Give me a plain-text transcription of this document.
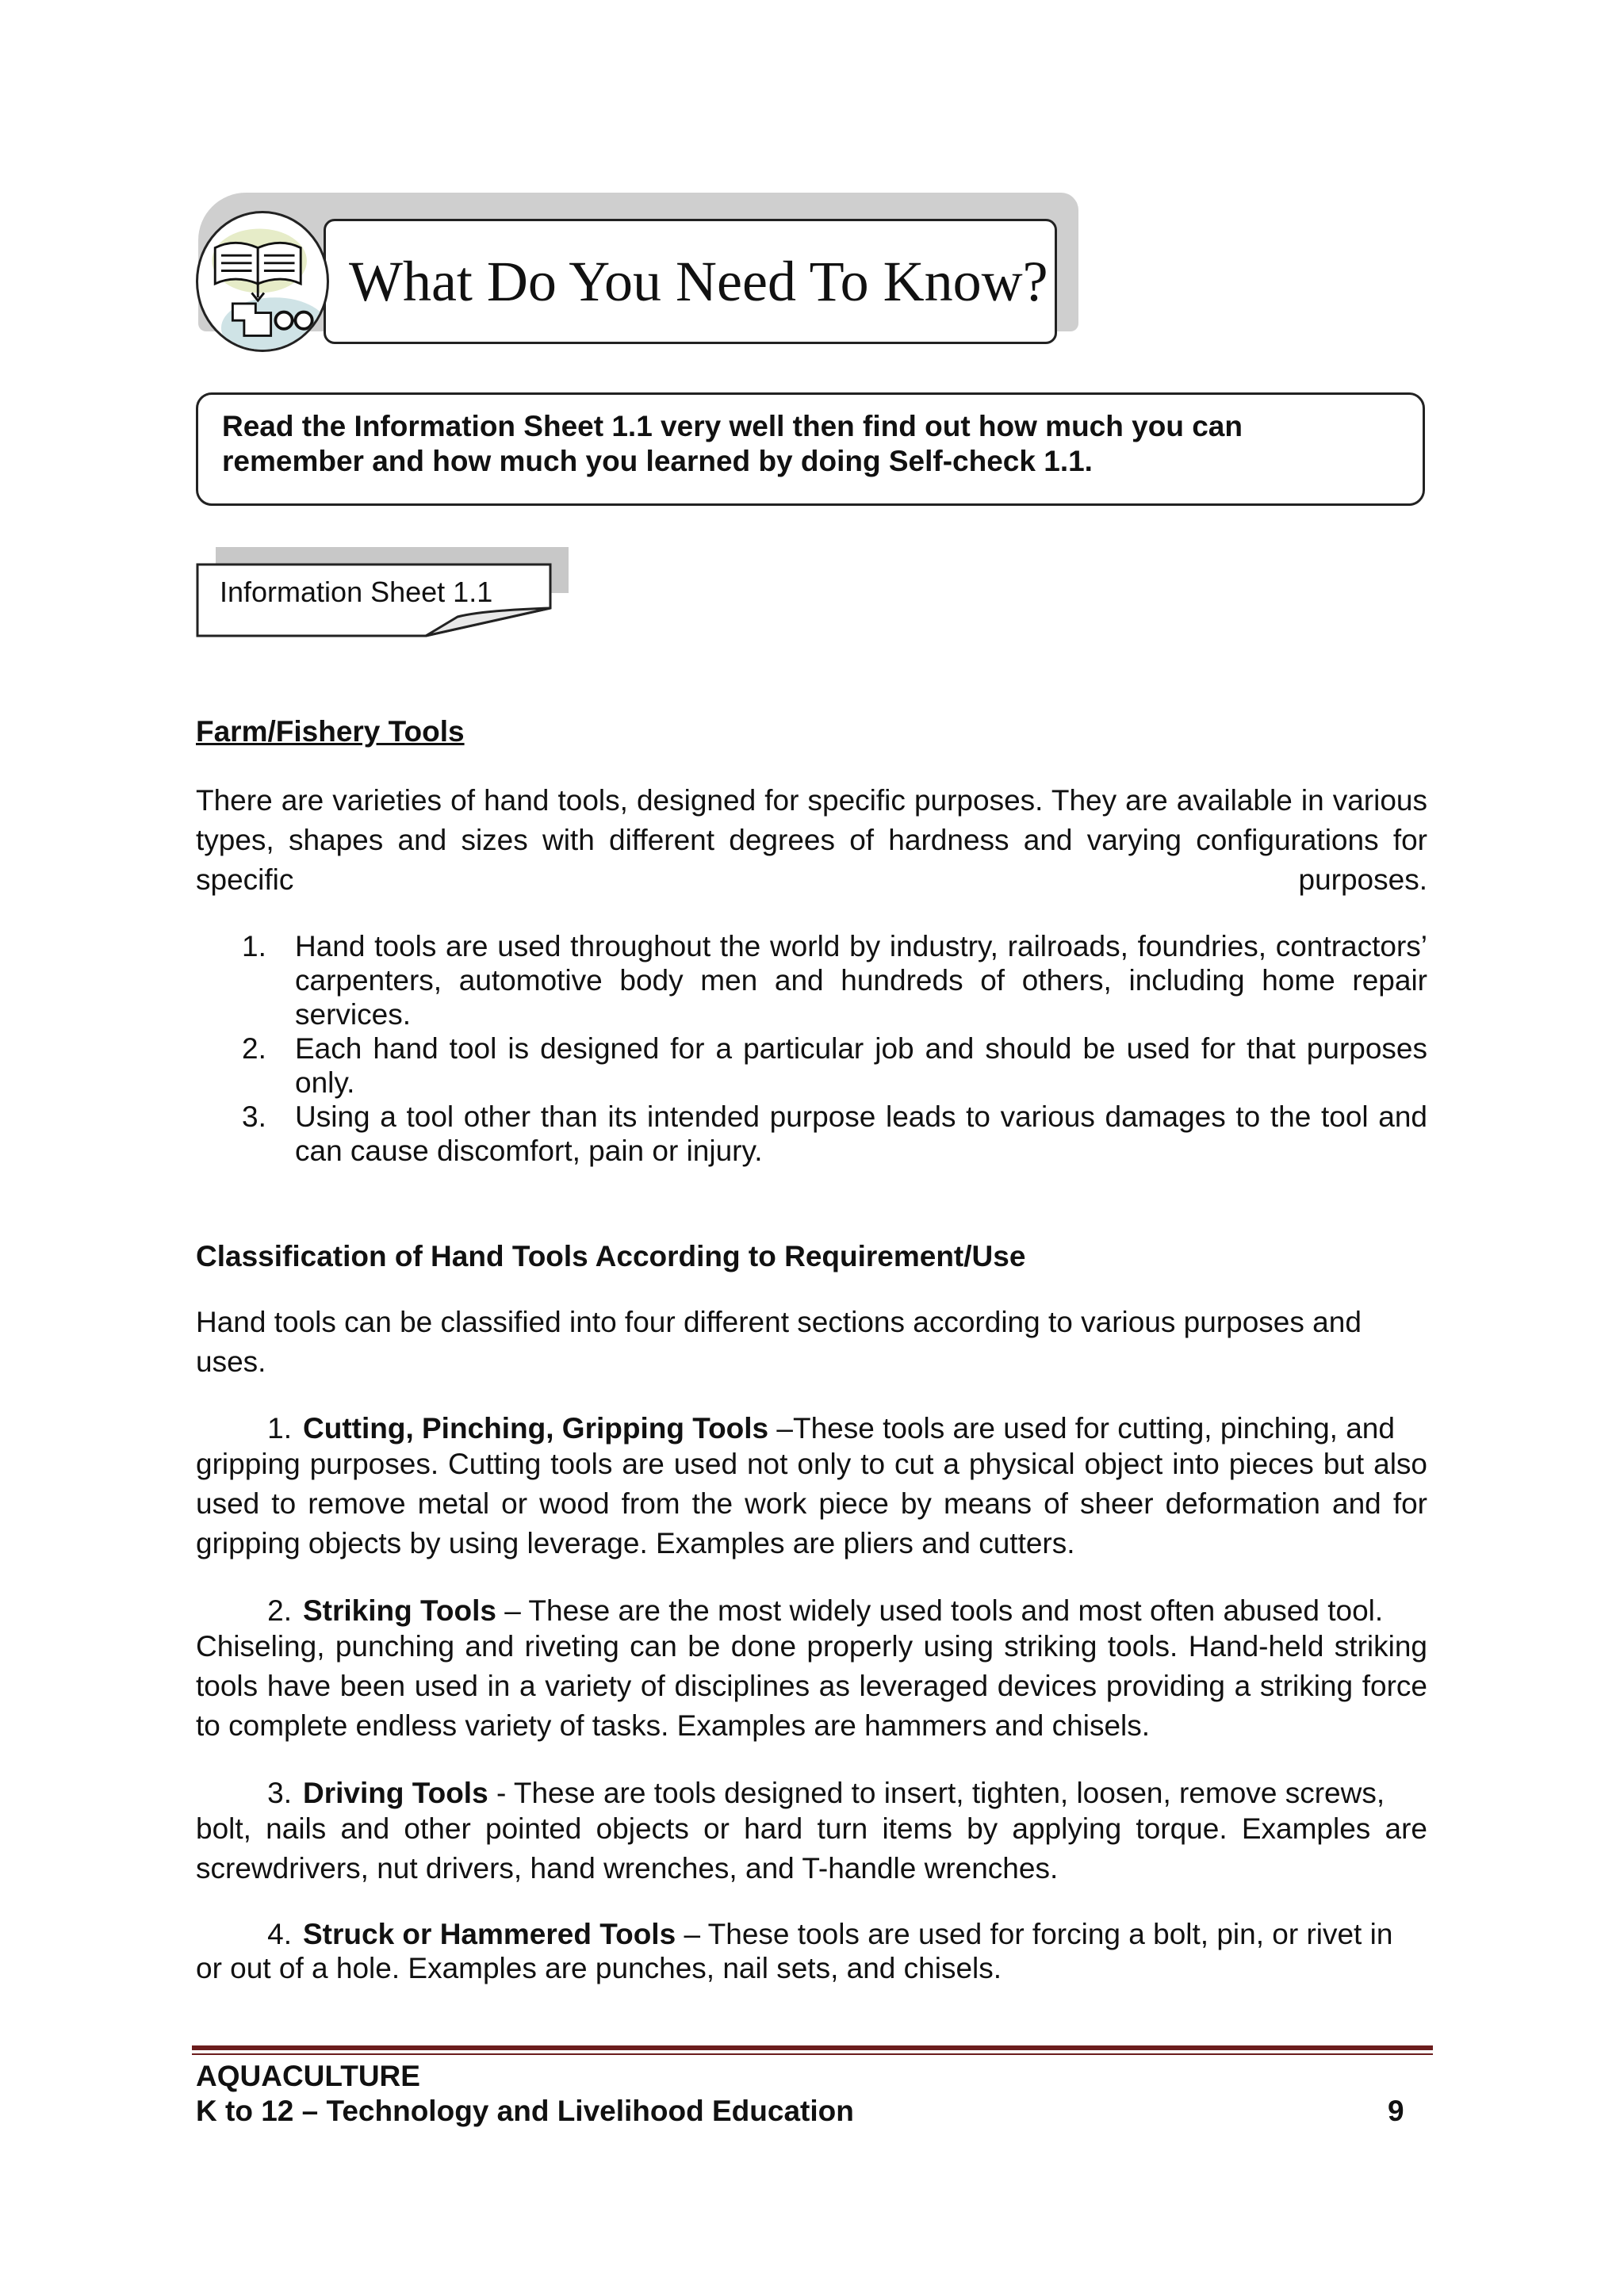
What Do You Need To Know?
Read the Information Sheet 1.1 very well then find out how much you can remember and how much you learned by doing Self-check 1.1.
Information Sheet 1.1
Farm/Fishery Tools
There are varieties of hand tools, designed for specific purposes. They are available in various types, shapes and sizes with different degrees of hardness and varying configurations for specific purposes.
1. Hand tools are used throughout the world by industry, railroads, foundries, contractors’ carpenters, automotive body men and hundreds of others, including home repair services.
2. Each hand tool is designed for a particular job and should be used for that purposes only.
3. Using a tool other than its intended purpose leads to various damages to the tool and can cause discomfort, pain or injury.
Classification of Hand Tools According to Requirement/Use
Hand tools can be classified into four different sections according to various purposes and uses.
1. Cutting, Pinching, Gripping Tools –These tools are used for cutting, pinching, and
gripping purposes. Cutting tools are used not only to cut a physical object into pieces but also used to remove metal or wood from the work piece by means of sheer deformation and for gripping objects by using leverage. Examples are pliers and cutters.
2. Striking Tools – These are the most widely used tools and most often abused tool.
Chiseling, punching and riveting can be done properly using striking tools. Hand-held striking tools have been used in a variety of disciplines as leveraged devices providing a striking force to complete endless variety of tasks. Examples are hammers and chisels.
3. Driving Tools - These are tools designed to insert, tighten, loosen, remove screws,
bolt, nails and other pointed objects or hard turn items by applying torque. Examples are screwdrivers, nut drivers, hand wrenches, and T-handle wrenches.
4. Struck or Hammered Tools – These tools are used for forcing a bolt, pin, or rivet in
or out of a hole. Examples are punches, nail sets, and chisels.
AQUACULTURE
K to 12 – Technology and Livelihood Education	9
